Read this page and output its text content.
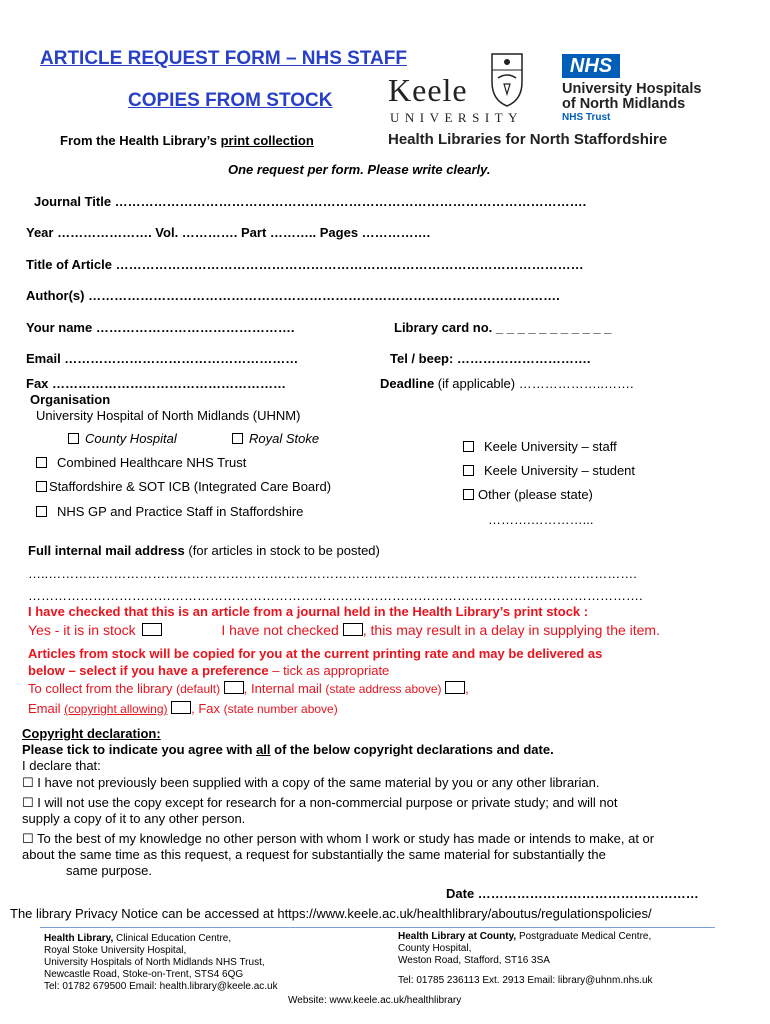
ARTICLE REQUEST FORM – NHS STAFF
COPIES FROM STOCK
From the Health Library’s print collection
Keele
UNIVERSITY
NHS
University Hospitals
of North Midlands
NHS Trust
Health Libraries for North Staffordshire
One request per form. Please write clearly.
Journal Title ……………………………………………………………………………………………….
Year …………………. Vol. …………. Part ……….. Pages …………….
Title of Article ………………………………………………………………………………………………
Author(s) ……………………………………………………………………………………………….
Your name ……………………………………….	Library card no. _ _ _ _ _ _ _ _ _ _ _
Email ………………………………………………	Tel / beep: ………………………….
Fax ………………………………………………	Deadline (if applicable) ………………..…….
Organisation
University Hospital of North Midlands (UHNM)
County Hospital	Royal Stoke
Combined Healthcare NHS Trust
Staffordshire & SOT ICB (Integrated Care Board)
NHS GP and Practice Staff in Staffordshire
Keele University – staff
Keele University – student
Other (please state)
……….…………...
Full internal mail address (for articles in stock to be posted)
…..……………………………………………………………………………………………………………………….
…………………………………………………………………………………………………………………………….
I have checked that this is an article from a journal held in the Health Library’s print stock :
Yes - it is in stock	I have not checked , this may result in a delay in supplying the item.
Articles from stock will be copied for you at the current printing rate and may be delivered as
below – select if you have a preference – tick as appropriate
To collect from the library (default) , Internal mail (state address above) ,
Email (copyright allowing) , Fax (state number above)
Copyright declaration:
Please tick to indicate you agree with all of the below copyright declarations and date.
I declare that:
☐ I have not previously been supplied with a copy of the same material by you or any other librarian.
☐ I will not use the copy except for research for a non-commercial purpose or private study; and will not
supply a copy of it to any other person.
☐ To the best of my knowledge no other person with whom I work or study has made or intends to make, at or
about the same time as this request, a request for substantially the same material for substantially the
same purpose.
Date ……………………………………………
The library Privacy Notice can be accessed at https://www.keele.ac.uk/healthlibrary/aboutus/regulationspolicies/
Health Library, Clinical Education Centre,
Royal Stoke University Hospital,
University Hospitals of North Midlands NHS Trust,
Newcastle Road, Stoke-on-Trent, STS4 6QG
Tel: 01782 679500 Email: health.library@keele.ac.uk
Health Library at County, Postgraduate Medical Centre,
County Hospital,
Weston Road, Stafford, ST16 3SA
Tel: 01785 236113 Ext. 2913 Email: library@uhnm.nhs.uk
Website: www.keele.ac.uk/healthlibrary
